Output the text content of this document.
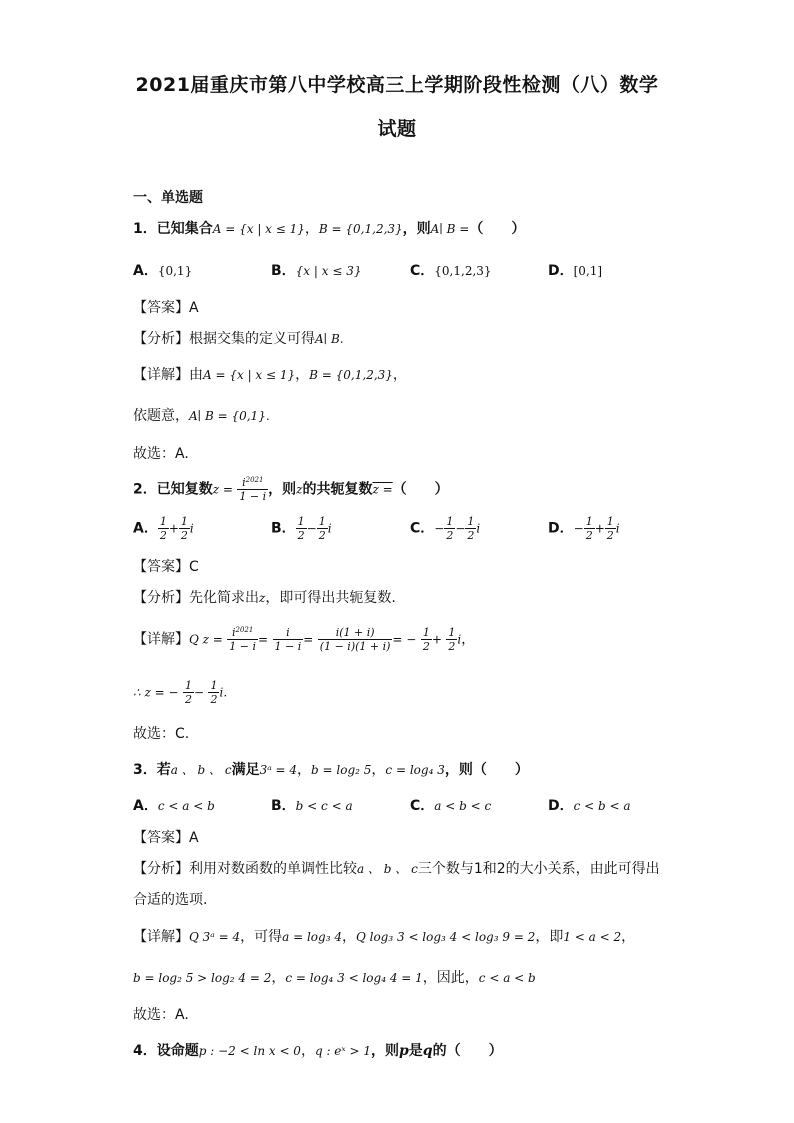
2021届重庆市第八中学校高三上学期阶段性检测（八）数学
试题
一、单选题
1．已知集合A = {x | x ≤ 1}，B = {0,1,2,3}，则A∣ B =（　　）
A．{0,1}	B．{x | x ≤ 3}	C．{0,1,2,3}	D．[0,1]
【答案】A
【分析】根据交集的定义可得A∣ B.
【详解】由A = {x | x ≤ 1}，B = {0,1,2,3}，
依题意，A∣ B = {0,1}.
故选：A.
2．已知复数$z = \frac{i^{2021}}{1 - i}$ ，则z的共轭复数z =（　　）
A． $\frac{1}{2} + \frac{1}{2}$ i	B． $\frac{1}{2} - \frac{1}{2}$ i	C．− $\frac{1}{2} - \frac{1}{2}$ i	D．− $\frac{1}{2} + \frac{1}{2}$ i
【答案】C
【分析】先化简求出z，即可得出共轭复数.
【详解】Q $z = \frac{i^{2021}}{1 - i} = \frac{i}{1 - i} = \frac{i(1 + i)}{(1 - i)(1 + i)}$ = − $\frac{1}{2} + \frac{1}{2}$ i，
∴ z = − $\frac{1}{2} - \frac{1}{2} i$.
故选：C.
3．若a 、 b 、 c满足3ᵃ = 4，b = log₂ 5，c = log₄ 3，则（　　）
A．c < a < b	B．b < c < a	C．a < b < c	D．c < b < a
【答案】A
【分析】利用对数函数的单调性比较a 、 b 、 c三个数与1和2的大小关系，由此可得出
合适的选项.
【详解】Q 3ᵃ = 4，可得a = log₃ 4，Q log₃ 3 < log₃ 4 < log₃ 9 = 2，即1 < a < 2，
b = log₂ 5 > log₂ 4 = 2，c = log₄ 3 < log₄ 4 = 1，因此，c < a < b
故选：A.
4．设命题p : −2 < ln x < 0，q : eˣ > 1，则p是q的（　　）
